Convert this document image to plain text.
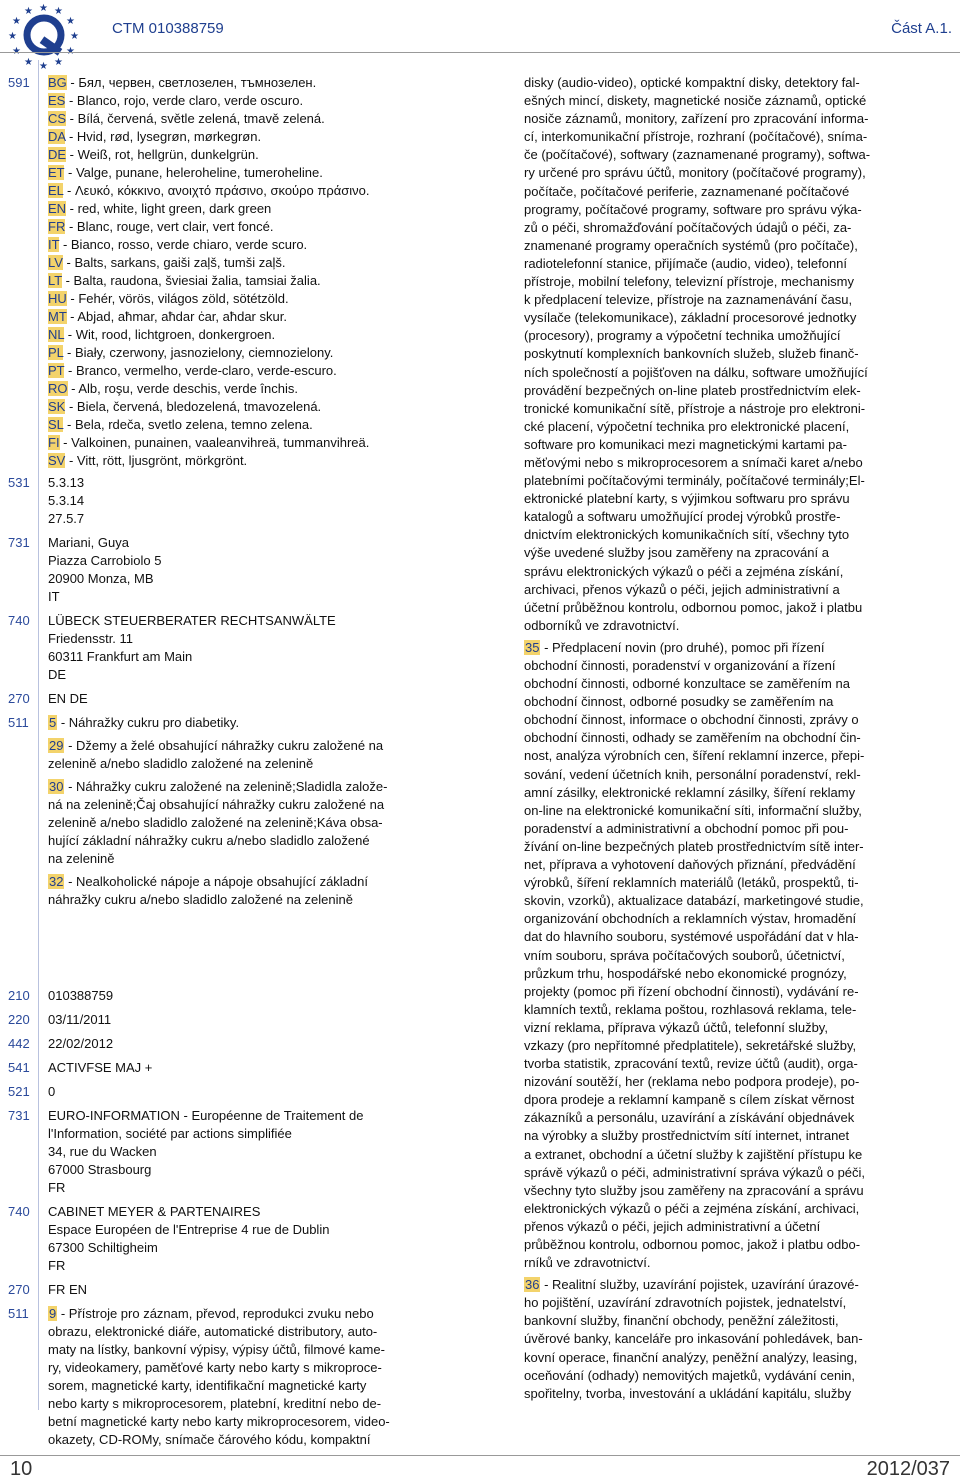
★ ★
★
★
★
★
★
★
★
★
CTM 010388759	Část A.1.
591	BG - Бял, червен, светлозелен, тъмнозелен.
ES - Blanco, rojo, verde claro, verde oscuro.
CS - Bílá, červená, světle zelená, tmavě zelená.
DA - Hvid, rød, lysegrøn, mørkegrøn.
DE - Weiß, rot, hellgrün, dunkelgrün.
ET - Valge, punane, heleroheline, tumeroheline.
EL - Λευκό, κόκκινο, ανοιχτό πράσινο, σκούρο πράσινο.
EN - red, white, light green, dark green
FR - Blanc, rouge, vert clair, vert foncé.
IT - Bianco, rosso, verde chiaro, verde scuro.
LV - Balts, sarkans, gaiši zaļš, tumši zaļš.
LT - Balta, raudona, šviesiai žalia, tamsiai žalia.
HU - Fehér, vörös, világos zöld, sötétzöld.
MT - Abjad, aħmar, aħdar ċar, aħdar skur.
NL - Wit, rood, lichtgroen, donkergroen.
PL - Biały, czerwony, jasnozielony, ciemnozielony.
PT - Branco, vermelho, verde-claro, verde-escuro.
RO - Alb, roşu, verde deschis, verde închis.
SK - Biela, červená, bledozelená, tmavozelená.
SL - Bela, rdeča, svetlo zelena, temno zelena.
FI - Valkoinen, punainen, vaaleanvihreä, tummanvihreä.
SV - Vitt, rött, ljusgrönt, mörkgrönt.
531	5.3.13
5.3.14
27.5.7
731	Mariani, Guya
Piazza Carrobiolo 5
20900 Monza, MB
IT
740	LÜBECK STEUERBERATER RECHTSANWÄLTE
Friedensstr. 11
60311 Frankfurt am Main
DE
270	EN DE
511	5 - Náhražky cukru pro diabetiky.
29 - Džemy a želé obsahující náhražky cukru založené na
zelenině a/nebo sladidlo založené na zelenině
30 - Náhražky cukru založené na zelenině;Sladidla založe-
ná na zelenině;Čaj obsahující náhražky cukru založené na
zelenině a/nebo sladidlo založené na zelenině;Káva obsa-
hující základní náhražky cukru a/nebo sladidlo založené
na zelenině
32 - Nealkoholické nápoje a nápoje obsahující základní
náhražky cukru a/nebo sladidlo založené na zelenině
210	010388759
220	03/11/2011
442	22/02/2012
541	ACTIVFSE MAJ +
521	0
731	EURO-INFORMATION - Européenne de Traitement de
l'Information, société par actions simplifiée
34, rue du Wacken
67000 Strasbourg
FR
740	CABINET MEYER & PARTENAIRES
Espace Européen de l'Entreprise 4 rue de Dublin
67300 Schiltigheim
FR
270	FR EN
511	9 - Přístroje pro záznam, převod, reprodukci zvuku nebo
obrazu, elektronické diáře, automatické distributory, auto-
maty na lístky, bankovní výpisy, výpisy účtů, filmové kame-
ry, videokamery, paměťové karty nebo karty s mikroproce-
sorem, magnetické karty, identifikační magnetické karty
nebo karty s mikroprocesorem, platební, kreditní nebo de-
betní magnetické karty nebo karty mikroprocesorem, video-
okazety, CD-ROMy, snímače čárového kódu, kompaktní
disky (audio-video), optické kompaktní disky, detektory fal-
ešných mincí, diskety, magnetické nosiče záznamů, optické
nosiče záznamů, monitory, zařízení pro zpracování informa-
cí, interkomunikační přístroje, rozhraní (počítačové), sníma-
če (počítačové), softwary (zaznamenané programy), softwa-
ry určené pro správu účtů, monitory (počítačové programy),
počítače, počítačové periferie, zaznamenané počítačové
programy, počítačové programy, software pro správu výka-
zů o péči, shromažďování počítačových údajů o péči, za-
znamenané programy operačních systémů (pro počítače),
radiotelefonní stanice, přijímače (audio, video), telefonní
přístroje, mobilní telefony, televizní přístroje, mechanismy
k předplacení televize, přístroje na zaznamenávání času,
vysílače (telekomunikace), základní procesorové jednotky
(procesory), programy a výpočetní technika umožňující
poskytnutí komplexních bankovních služeb, služeb finanč-
ních společností a pojišťoven na dálku, software umožňující
provádění bezpečných on-line plateb prostřednictvím elek-
tronické komunikační sítě, přístroje a nástroje pro elektroni-
cké placení, výpočetní technika pro elektronické placení,
software pro komunikaci mezi magnetickými kartami pa-
měťovými nebo s mikroprocesorem a snímači karet a/nebo
platebními počítačovými terminály, počítačové terminály;El-
ektronické platební karty, s výjimkou softwaru pro správu
katalogů a softwaru umožňující prodej výrobků prostře-
dnictvím elektronických komunikačních sítí, všechny tyto
výše uvedené služby jsou zaměřeny na zpracování a
správu elektronických výkazů o péči a zejména získání,
archivaci, přenos výkazů o péči, jejich administrativní a
účetní průběžnou kontrolu, odbornou pomoc, jakož i platbu
odborníků ve zdravotnictví.
35 - Předplacení novin (pro druhé), pomoc při řízení
obchodní činnosti, poradenství v organizování a řízení
obchodní činnosti, odborné konzultace se zaměřením na
obchodní činnost, odborné posudky se zaměřením na
obchodní činnost, informace o obchodní činnosti, zprávy o
obchodní činnosti, odhady se zaměřením na obchodní čin-
nost, analýza výrobních cen, šíření reklamní inzerce, přepi-
sování, vedení účetních knih, personální poradenství, rekl-
amní zásilky, elektronické reklamní zásilky, šíření reklamy
on-line na elektronické komunikační síti, informační služby,
poradenství a administrativní a obchodní pomoc při pou-
žívání on-line bezpečných plateb prostřednictvím sítě inter-
net, příprava a vyhotovení daňových přiznání, předvádění
výrobků, šíření reklamních materiálů (letáků, prospektů, ti-
skovin, vzorků), aktualizace databází, marketingové studie,
organizování obchodních a reklamních výstav, hromadění
dat do hlavního souboru, systémové uspořádání dat v hla-
vním souboru, správa počítačových souborů, účetnictví,
průzkum trhu, hospodářské nebo ekonomické prognózy,
projekty (pomoc při řízení obchodní činnosti), vydávání re-
klamních textů, reklama poštou, rozhlasová reklama, tele-
vizní reklama, příprava výkazů účtů, telefonní služby,
vzkazy (pro nepřítomné předplatitele), sekretářské služby,
tvorba statistik, zpracování textů, revize účtů (audit), orga-
nizování soutěží, her (reklama nebo podpora prodeje), po-
dpora prodeje a reklamní kampaně s cílem získat věrnost
zákazníků a personálu, uzavírání a získávání objednávek
na výrobky a služby prostřednictvím sítí internet, intranet
a extranet, obchodní a účetní služby k zajištění přístupu ke
správě výkazů o péči, administrativní správa výkazů o péči,
všechny tyto služby jsou zaměřeny na zpracování a správu
elektronických výkazů o péči a zejména získání, archivaci,
přenos výkazů o péči, jejich administrativní a účetní
průběžnou kontrolu, odbornou pomoc, jakož i platbu odbo-
rníků ve zdravotnictví.
36 - Realitní služby, uzavírání pojistek, uzavírání úrazové-
ho pojištění, uzavírání zdravotních pojistek, jednatelství,
bankovní služby, finanční obchody, peněžní záležitosti,
úvěrové banky, kanceláře pro inkasování pohledávek, ban-
kovní operace, finanční analýzy, peněžní analýzy, leasing,
oceňování (odhady) nemovitých majetků, vydávání cenin,
spořitelny, tvorba, investování a ukládání kapitálu, služby
10	2012/037
